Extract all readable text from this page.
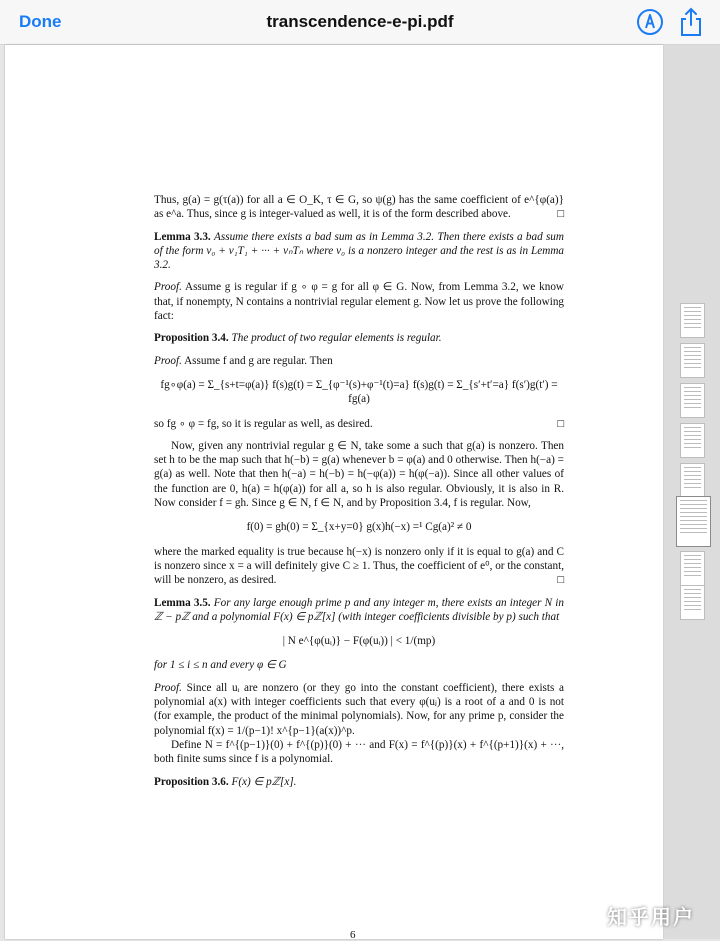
Done	transcendence-e-pi.pdf

Thus, g(a) = g(τ(a)) for all a ∈ O_K, τ ∈ G, so ψ(g) has the same coefficient of e^{φ(a)} as e^a. Thus, since g is integer-valued as well, it is of the form described above.	□

Lemma 3.3. Assume there exists a bad sum as in Lemma 3.2. Then there exists a bad sum of the form v₀ + v₁T₁ + ··· + vₙTₙ where v₀ is a nonzero integer and the rest is as in Lemma 3.2.

Proof. Assume g is regular if g ∘ φ = g for all φ ∈ G. Now, from Lemma 3.2, we know that, if nonempty, N contains a nontrivial regular element g. Now let us prove the following fact:

Proposition 3.4. The product of two regular elements is regular.

Proof. Assume f and g are regular. Then

fg∘φ(a) = Σ_{s+t=φ(a)} f(s)g(t) = Σ_{φ⁻¹(s)+φ⁻¹(t)=a} f(s)g(t) = Σ_{s′+t′=a} f(s′)g(t′) = fg(a)

so fg ∘ φ = fg, so it is regular as well, as desired.	□

Now, given any nontrivial regular g ∈ N, take some a such that g(a) is nonzero. Then set h to be the map such that h(−b) = g(a) whenever b = φ(a) and 0 otherwise. Then h(−a) = g(a) as well. Note that then h(−a) = h(−b) = h(−φ(a)) = h(φ(−a)). Since all other values of the function are 0, h(a) = h(φ(a)) for all a, so h is also regular. Obviously, it is also in R. Now consider f = gh. Since g ∈ N, f ∈ N, and by Proposition 3.4, f is regular. Now,

f(0) = gh(0) = Σ_{x+y=0} g(x)h(−x) =¹ Cg(a)² ≠ 0

where the marked equality is true because h(−x) is nonzero only if it is equal to g(a) and C is nonzero since x = a will definitely give C ≥ 1. Thus, the coefficient of e⁰, or the constant, will be nonzero, as desired.	□

Lemma 3.5. For any large enough prime p and any integer m, there exists an integer N in ℤ − pℤ and a polynomial F(x) ∈ pℤ[x] (with integer coefficients divisible by p) such that

| N e^{φ(uᵢ)} − F(φ(uᵢ)) | < 1/(mp)

for 1 ≤ i ≤ n and every φ ∈ G

Proof. Since all uᵢ are nonzero (or they go into the constant coefficient), there exists a polynomial a(x) with integer coefficients such that every φ(uⱼ) is a root of a and 0 is not (for example, the product of the minimal polynomials). Now, for any prime p, consider the polynomial f(x) = 1/(p−1)! x^{p−1}(a(x))^p.

Define N = f^{(p−1)}(0) + f^{(p)}(0) + ··· and F(x) = f^{(p)}(x) + f^{(p+1)}(x) + ···, both finite sums since f is a polynomial.

Proposition 3.6. F(x) ∈ pℤ[x].

知乎用户
6
